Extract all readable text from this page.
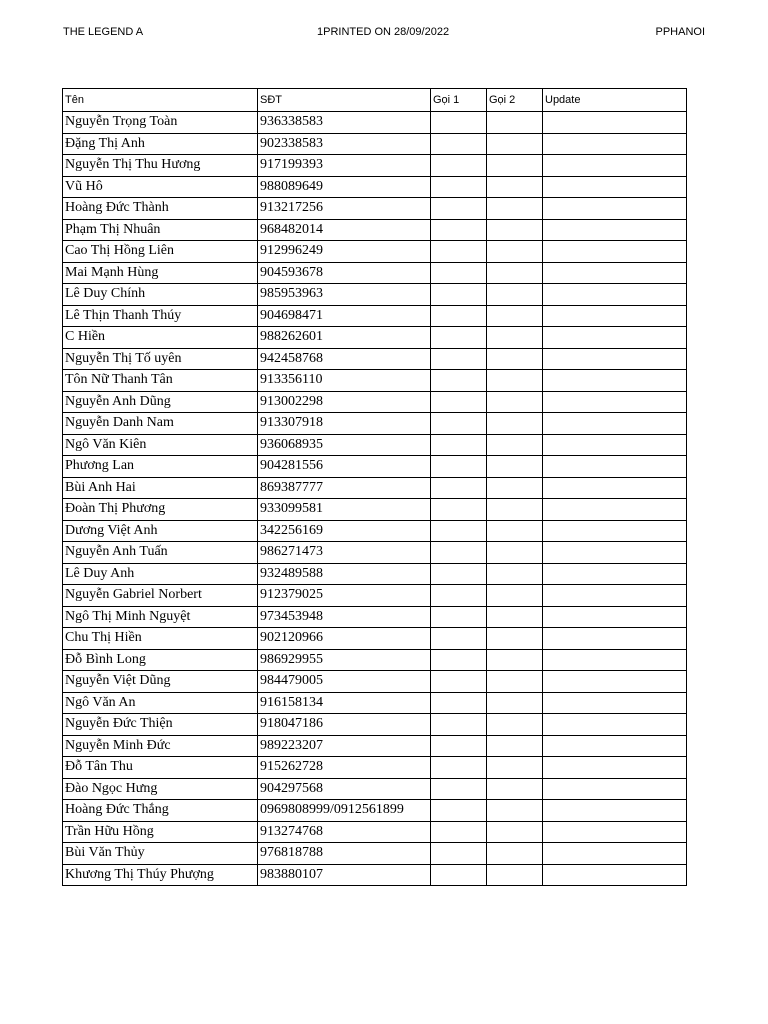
THE LEGEND A	1PRINTED ON 28/09/2022	PPHANOI
Tên	SĐT	Gọi 1	Gọi 2	Update
Nguyễn Trọng Toàn	936338583			
Đặng Thị Anh	902338583			
Nguyễn Thị Thu Hương	917199393			
Vũ Hô	988089649			
Hoàng Đức Thành	913217256			
Phạm Thị Nhuân	968482014			
Cao Thị Hồng Liên	912996249			
Mai Mạnh Hùng	904593678			
Lê Duy Chính	985953963			
Lê Thịn Thanh Thúy	904698471			
C Hiền	988262601			
Nguyễn Thị Tố uyên	942458768			
Tôn Nữ Thanh Tân	913356110			
Nguyễn Anh Dũng	913002298			
Nguyễn Danh Nam	913307918			
Ngô Văn Kiên	936068935			
Phương Lan	904281556			
Bùi Anh Hai	869387777			
Đoàn Thị Phương	933099581			
Dương Việt Anh	342256169			
Nguyễn Anh Tuấn	986271473			
Lê Duy Anh	932489588			
Nguyễn Gabriel Norbert	912379025			
Ngô Thị Minh Nguyệt	973453948			
Chu Thị Hiền	902120966			
Đỗ Bình Long	986929955			
Nguyễn Việt Dũng	984479005			
Ngô Văn An	916158134			
Nguyễn Đức Thiện	918047186			
Nguyễn Minh Đức	989223207			
Đỗ Tân Thu	915262728			
Đào Ngọc Hưng	904297568			
Hoàng Đức Thắng	0969808999/0912561899			
Trần Hữu Hồng	913274768			
Bùi Văn Thủy	976818788			
Khương Thị Thúy Phượng	983880107			
